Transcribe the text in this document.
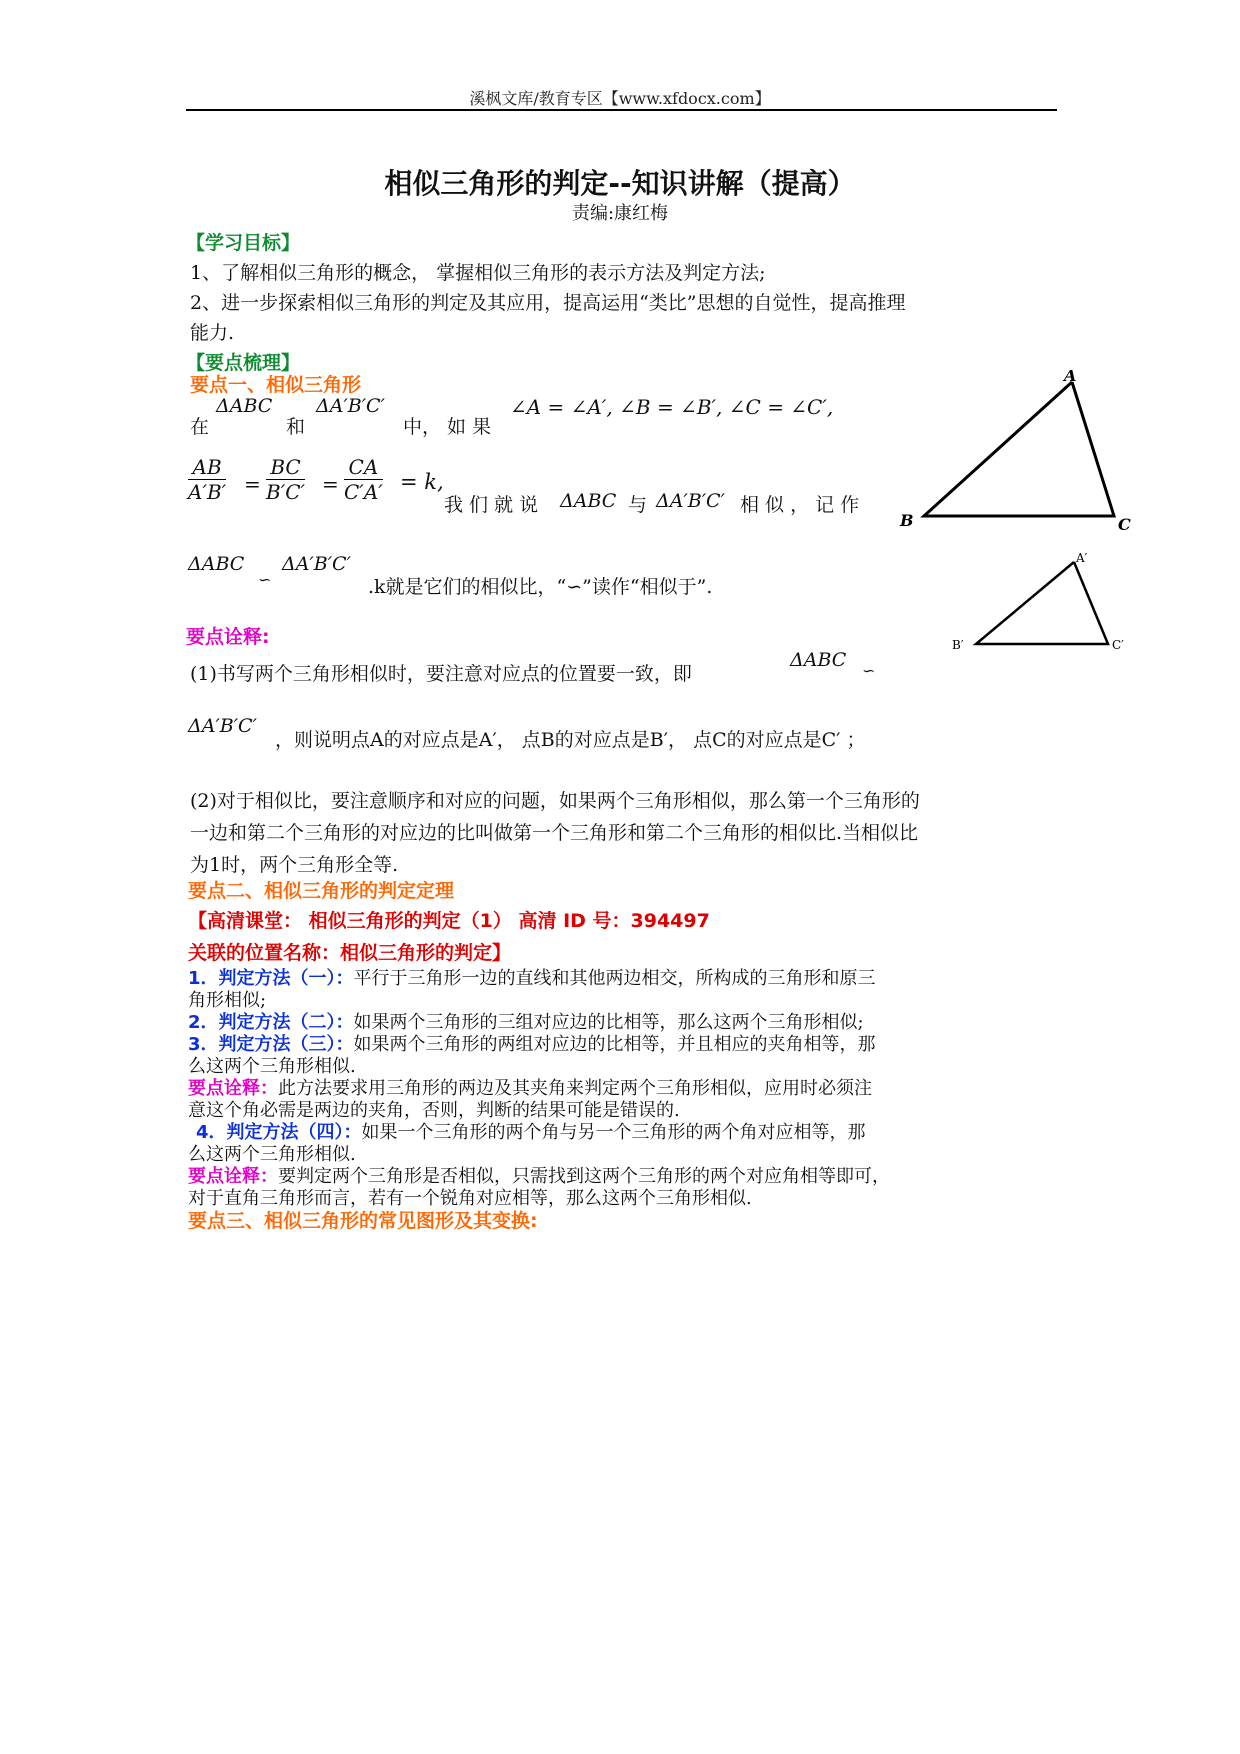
溪枫文库/教育专区【www.xfdocx.com】
相似三角形的判定--知识讲解（提高）
责编:康红梅
【学习目标】
1、了解相似三角形的概念， 掌握相似三角形的表示方法及判定方法;
2、进一步探索相似三角形的判定及其应用，提高运用“类比”思想的自觉性，提高推理
能力.
【要点梳理】
要点一、相似三角形
在
ΔABC
和
ΔA′B′C′
中， 如 果
∠A = ∠A′, ∠B = ∠B′, ∠C = ∠C′,
$\frac{AB}{A'B'} = \frac{BC}{B'C'} = \frac{CA}{C'A'} = k$,
我 们 就 说 ΔABC 与 ΔA′B′C′ 相 似 ， 记 作
ΔABC
∽
ΔA′B′C′
.k就是它们的相似比，“∽”读作“相似于”.
要点诠释:
(1)书写两个三角形相似时，要注意对应点的位置要一致，即
ΔABC ∽
ΔA′B′C′
，则说明点A的对应点是A′， 点B的对应点是B′， 点C的对应点是C′ ；
(2)对于相似比，要注意顺序和对应的问题，如果两个三角形相似，那么第一个三角形的
一边和第二个三角形的对应边的比叫做第一个三角形和第二个三角形的相似比.当相似比
为1时，两个三角形全等.
A
B	C
A′
B′	C′
要点二、相似三角形的判定定理
【高清课堂： 相似三角形的判定（1） 高清 ID 号：394497
关联的位置名称：相似三角形的判定】
1．判定方法（一）：平行于三角形一边的直线和其他两边相交，所构成的三角形和原三
角形相似;
2．判定方法（二）：如果两个三角形的三组对应边的比相等，那么这两个三角形相似;
3．判定方法（三）：如果两个三角形的两组对应边的比相等，并且相应的夹角相等，那
么这两个三角形相似.
要点诠释：此方法要求用三角形的两边及其夹角来判定两个三角形相似，应用时必须注
意这个角必需是两边的夹角，否则，判断的结果可能是错误的.
4．判定方法（四）：如果一个三角形的两个角与另一个三角形的两个角对应相等，那
么这两个三角形相似.
要点诠释：要判定两个三角形是否相似，只需找到这两个三角形的两个对应角相等即可，
对于直角三角形而言，若有一个锐角对应相等，那么这两个三角形相似.
要点三、相似三角形的常见图形及其变换:
